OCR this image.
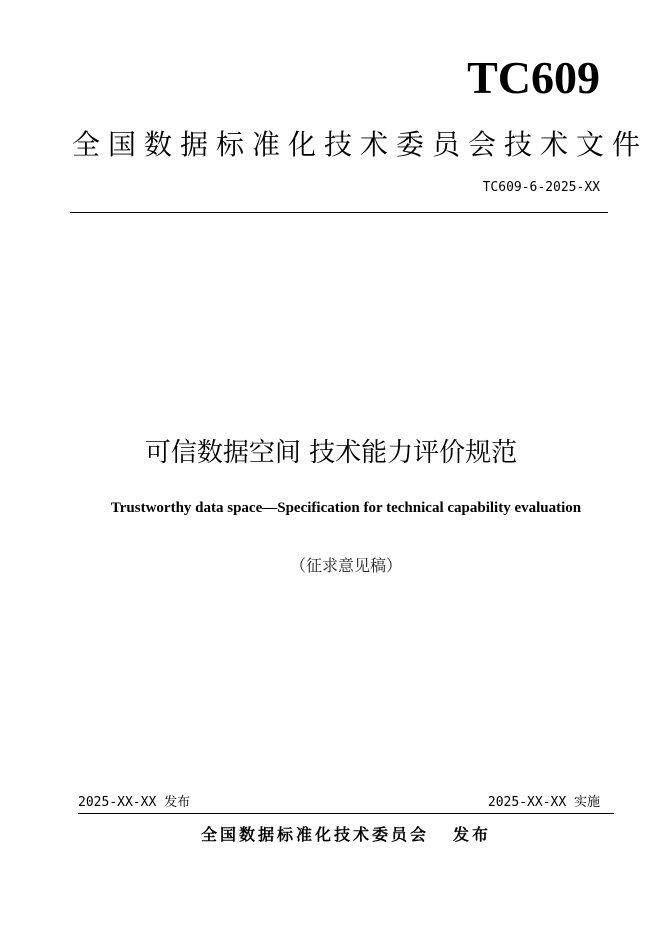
TC609
全国数据标准化技术委员会技术文件
TC609-6-2025-XX
可信数据空间 技术能力评价规范
Trustworthy data space—Specification for technical capability evaluation
（征求意见稿）
2025-XX-XX 发布	2025-XX-XX 实施
全国数据标准化技术委员会 发布
